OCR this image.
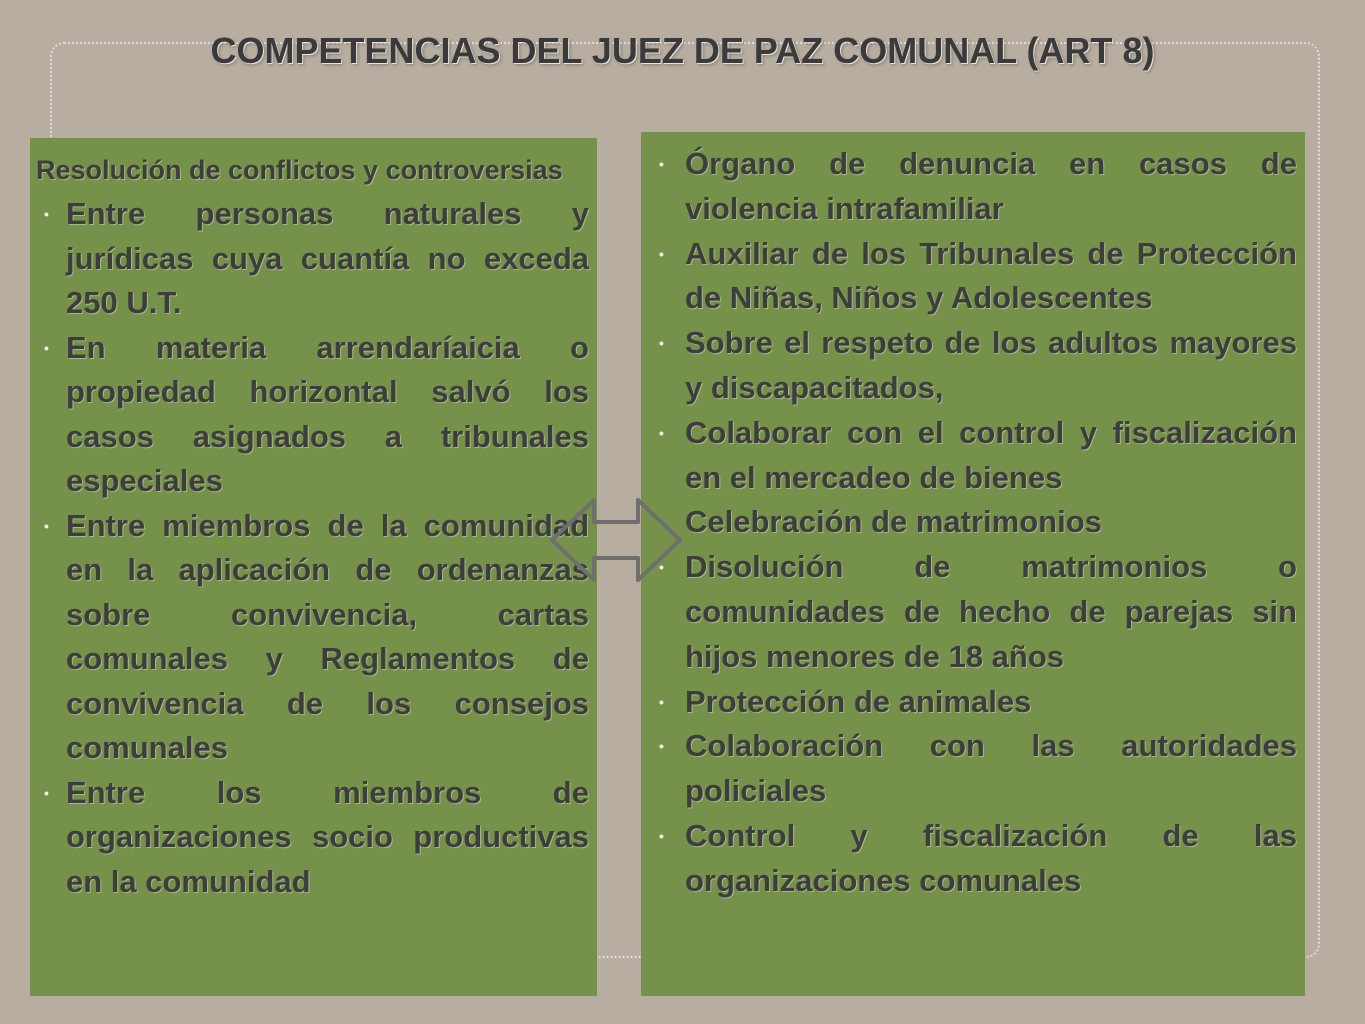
COMPETENCIAS DEL JUEZ DE PAZ COMUNAL (ART 8)

Resolución de conflictos y controversias

• Entre personas naturales y jurídicas cuya cuantía no exceda 250 U.T.
• En materia arrendaríaicia o propiedad horizontal salvó los casos asignados a tribunales especiales
• Entre miembros de la comunidad en la aplicación de ordenanzas sobre convivencia, cartas comunales y Reglamentos de convivencia de los consejos comunales
• Entre los miembros de organizaciones socio productivas en la comunidad
• Órgano de denuncia en casos de violencia intrafamiliar
• Auxiliar de los Tribunales de Protección de Niñas, Niños y Adolescentes
• Sobre el respeto de los adultos mayores y discapacitados,
• Colaborar con el control y fiscalización en el mercadeo de bienes
• Celebración de matrimonios
• Disolución de matrimonios o comunidades de hecho de parejas sin hijos menores de 18 años
• Protección de animales
• Colaboración con las autoridades policiales
• Control y fiscalización de las organizaciones comunales
